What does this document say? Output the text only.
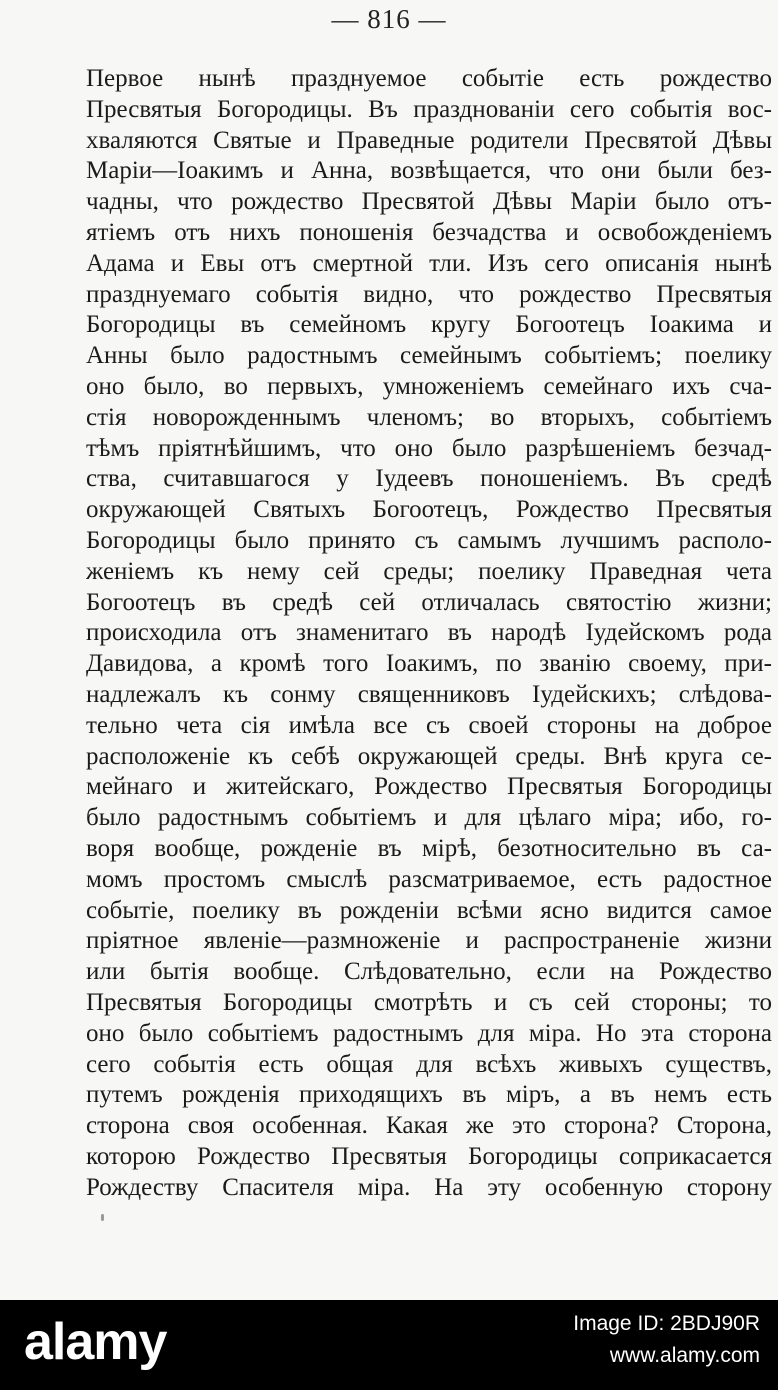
— 816 —
Первое нынѣ празднуемое событіе есть рождество
Пресвятыя Богородицы. Въ празднованіи сего событія вос-
хваляются Святые и Праведные родители Пресвятой Дѣвы
Маріи—Іоакимъ и Анна, возвѣщается, что они были без-
чадны, что рождество Пресвятой Дѣвы Маріи было отъ-
ятіемъ отъ нихъ поношенія безчадства и освобожденіемъ
Адама и Евы отъ смертной тли. Изъ сего описанія нынѣ
празднуемаго событія видно, что рождество Пресвятыя
Богородицы въ семейномъ кругу Богоотецъ Іоакима и
Анны было радостнымъ семейнымъ событіемъ; поелику
оно было, во первыхъ, умноженіемъ семейнаго ихъ сча-
стія новорожденнымъ членомъ; во вторыхъ, событіемъ
тѣмъ пріятнѣйшимъ, что оно было разрѣшеніемъ безчад-
ства, считавшагося у Іудеевъ поношеніемъ. Въ средѣ
окружающей Святыхъ Богоотецъ, Рождество Пресвятыя
Богородицы было принято съ самымъ лучшимъ располо-
женіемъ къ нему сей среды; поелику Праведная чета
Богоотецъ въ средѣ сей отличалась святостію жизни;
происходила отъ знаменитаго въ народѣ Іудейскомъ рода
Давидова, а кромѣ того Іоакимъ, по званію своему, при-
надлежалъ къ сонму священниковъ Іудейскихъ; слѣдова-
тельно чета сія имѣла все съ своей стороны на доброе
расположеніе къ себѣ окружающей среды. Внѣ круга се-
мейнаго и житейскаго, Рождество Пресвятыя Богородицы
было радостнымъ событіемъ и для цѣлаго міра; ибо, го-
воря вообще, рожденіе въ мірѣ, безотносительно въ са-
момъ простомъ смыслѣ разсматриваемое, есть радостное
событіе, поелику въ рожденіи всѣми ясно видится самое
пріятное явленіе—размноженіе и распространеніе жизни
или бытія вообще. Слѣдовательно, если на Рождество
Пресвятыя Богородицы смотрѣть и съ сей стороны; то
оно было событіемъ радостнымъ для міра. Но эта сторона
сего событія есть общая для всѣхъ живыхъ существъ,
путемъ рожденія приходящихъ въ міръ, а въ немъ есть
сторона своя особенная. Какая же это сторона? Сторона,
которою Рождество Пресвятыя Богородицы соприкасается
Рождеству Спасителя міра. На эту особенную сторону
alamy	Image ID: 2BDJ90R
www.alamy.com
